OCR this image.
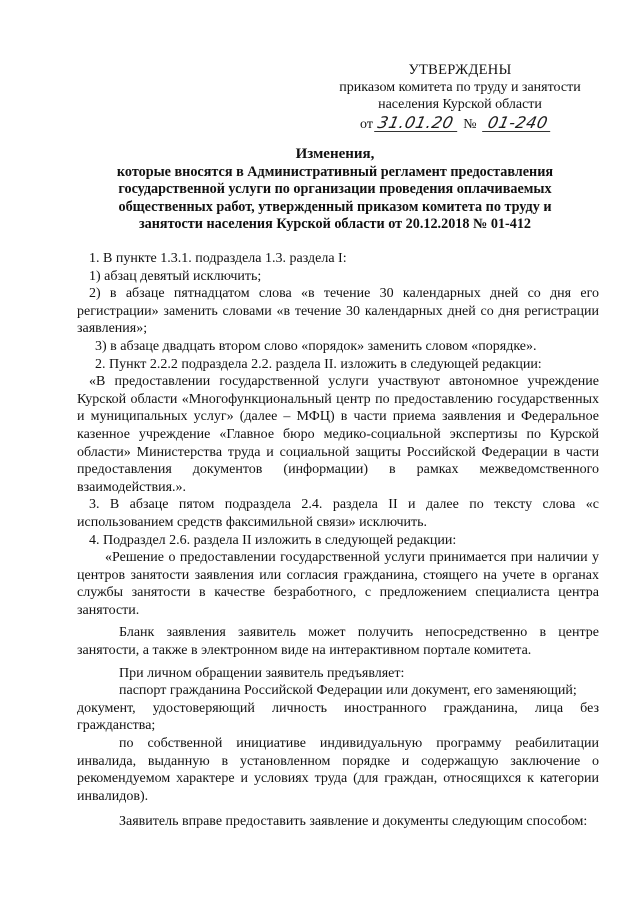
УТВЕРЖДЕНЫ
приказом комитета по труду и занятости
населения Курской области
от 31.01.20 № 01-240
Изменения,
которые вносятся в Административный регламент предоставления
государственной услуги по организации проведения оплачиваемых
общественных работ, утвержденный приказом комитета по труду и
занятости населения Курской области от 20.12.2018 № 01-412

1. В пункте 1.3.1. подраздела 1.3. раздела I:

1) абзац девятый исключить;

2) в абзаце пятнадцатом слова «в течение 30 календарных дней со дня его регистрации» заменить словами «в течение 30 календарных дней со дня регистрации заявления»;

3) в абзаце двадцать втором слово «порядок» заменить словом «порядке».

2. Пункт 2.2.2 подраздела 2.2. раздела II. изложить в следующей редакции:

«В предоставлении государственной услуги участвуют автономное учреждение Курской области «Многофункциональный центр по предоставлению государственных и муниципальных услуг» (далее – МФЦ) в части приема заявления и Федеральное казенное учреждение «Главное бюро медико-социальной экспертизы по Курской области» Министерства труда и социальной защиты Российской Федерации в части предоставления документов (информации) в рамках межведомственного взаимодействия.».

3. В абзаце пятом подраздела 2.4. раздела II и далее по тексту слова «с использованием средств факсимильной связи» исключить.

4. Подраздел 2.6. раздела II изложить в следующей редакции:

«Решение о предоставлении государственной услуги принимается при наличии у центров занятости заявления или согласия гражданина, стоящего на учете в органах службы занятости в качестве безработного, с предложением специалиста центра занятости.

Бланк заявления заявитель может получить непосредственно в центре занятости, а также в электронном виде на интерактивном портале комитета.

При личном обращении заявитель предъявляет:

паспорт гражданина Российской Федерации или документ, его заменяющий;

документ, удостоверяющий личность иностранного гражданина, лица без гражданства;

по собственной инициативе индивидуальную программу реабилитации инвалида, выданную в установленном порядке и содержащую заключение о рекомендуемом характере и условиях труда (для граждан, относящихся к категории инвалидов).

Заявитель вправе предоставить заявление и документы следующим способом:
